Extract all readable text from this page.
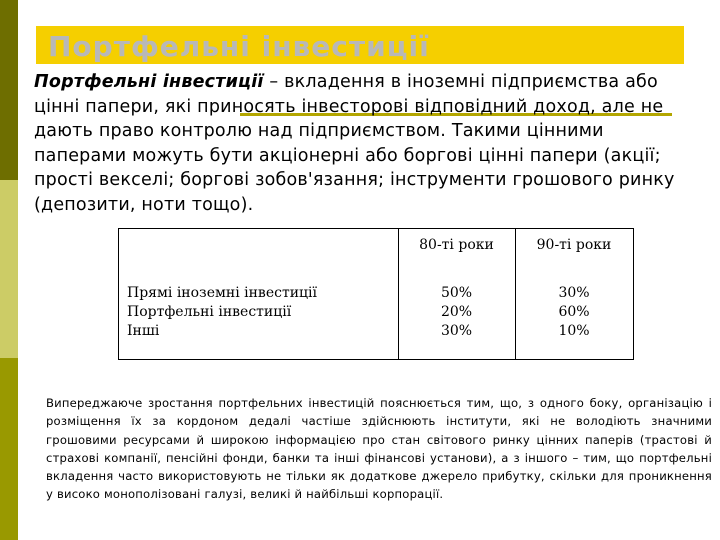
Портфельні інвестиції
Портфельні інвестиції – вкладення в іноземні підприємства або цінні папери, які приносять інвесторові відповідний доход, але не дають право контролю над підприємством. Такими цінними паперами можуть бути акціонерні або боргові цінні папери (акції; прості векселі; боргові зобов'язання; інструменти грошового ринку (депозити, ноти тощо).
80-ті роки	90-ті роки
Прямі іноземні інвестиції
Портфельні інвестиції
Інші
50%
20%
30%
30%
60%
10%
Випереджаюче зростання портфельних інвестицій пояснюється тим, що, з одного боку, організацію і розміщення їх за кордоном дедалі частіше здійснюють інститути, які не володіють значними грошовими ресурсами й широкою інформацією про стан світового ринку цінних паперів (трастові й страхові компанії, пенсійні фонди, банки та інші фінансові установи), а з іншого – тим, що портфельні вкладення часто використовують не тільки як додаткове джерело прибутку, скільки для проникнення у високо монополізовані галузі, великі й найбільші корпорації.
